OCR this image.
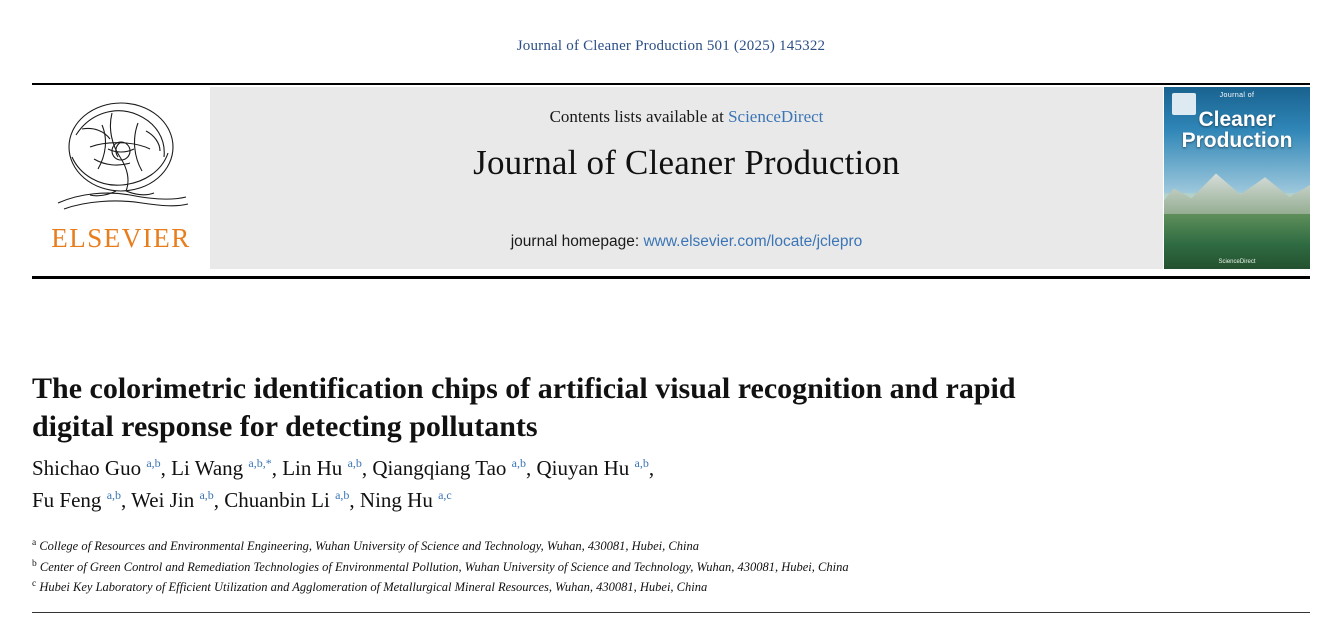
Journal of Cleaner Production 501 (2025) 145322
ELSEVIER
Contents lists available at ScienceDirect
Journal of Cleaner Production
journal homepage: www.elsevier.com/locate/jclepro
Journal of
Cleaner
Production
ScienceDirect
The colorimetric identification chips of artificial visual recognition and rapid digital response for detecting pollutants
Shichao Guo $^{a,b}$, Li Wang $^{a,b,*}$, Lin Hu $^{a,b}$, Qiangqiang Tao $^{a,b}$, Qiuyan Hu $^{a,b}$,
Fu Feng $^{a,b}$, Wei Jin $^{a,b}$, Chuanbin Li $^{a,b}$, Ning Hu $^{a,c}$
$^a$ College of Resources and Environmental Engineering, Wuhan University of Science and Technology, Wuhan, 430081, Hubei, China
$^b$ Center of Green Control and Remediation Technologies of Environmental Pollution, Wuhan University of Science and Technology, Wuhan, 430081, Hubei, China
$^c$ Hubei Key Laboratory of Efficient Utilization and Agglomeration of Metallurgical Mineral Resources, Wuhan, 430081, Hubei, China
